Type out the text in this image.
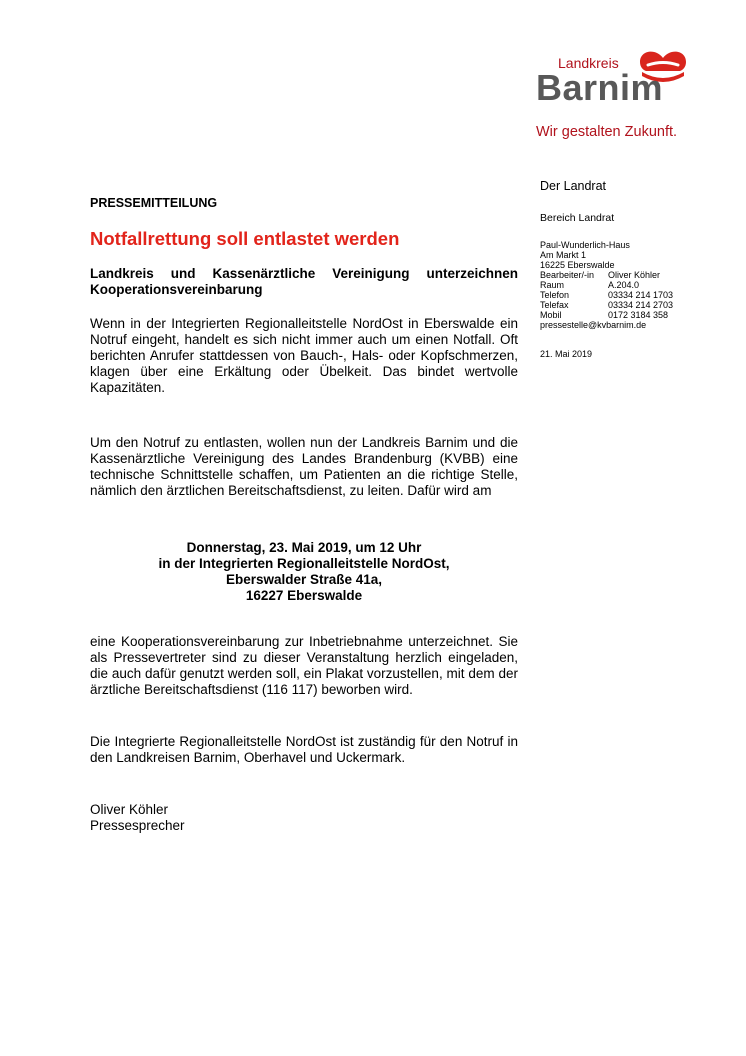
Landkreis
Barnim
Wir gestalten Zukunft.
Der Landrat
Bereich Landrat
Paul-Wunderlich-Haus
Am Markt 1
16225 Eberswalde
Bearbeiter/-in	Oliver Köhler
Raum	A.204.0
Telefon	03334 214 1703
Telefax	03334 214 2703
Mobil	0172 3184 358
pressestelle@kvbarnim.de
21. Mai 2019
PRESSEMITTEILUNG
Notfallrettung soll entlastet werden
Landkreis und Kassenärztliche Vereinigung unterzeichnen Kooperationsvereinbarung

Wenn in der Integrierten Regionalleitstelle NordOst in Eberswalde ein Notruf eingeht, handelt es sich nicht immer auch um einen Notfall. Oft berichten Anrufer stattdessen von Bauch-, Hals- oder Kopfschmerzen, klagen über eine Erkältung oder Übelkeit. Das bindet wertvolle Kapazitäten.

Um den Notruf zu entlasten, wollen nun der Landkreis Barnim und die Kassenärztliche Vereinigung des Landes Brandenburg (KVBB) eine technische Schnittstelle schaffen, um Patienten an die richtige Stelle, nämlich den ärztlichen Bereitschaftsdienst, zu leiten. Dafür wird am

Donnerstag, 23. Mai 2019, um 12 Uhr
in der Integrierten Regionalleitstelle NordOst,
Eberswalder Straße 41a,
16227 Eberswalde

eine Kooperationsvereinbarung zur Inbetriebnahme unterzeichnet. Sie als Pressevertreter sind zu dieser Veranstaltung herzlich eingeladen, die auch dafür genutzt werden soll, ein Plakat vorzustellen, mit dem der ärztliche Bereitschaftsdienst (116 117) beworben wird.

Die Integrierte Regionalleitstelle NordOst ist zuständig für den Notruf in den Landkreisen Barnim, Oberhavel und Uckermark.

Oliver Köhler
Pressesprecher
